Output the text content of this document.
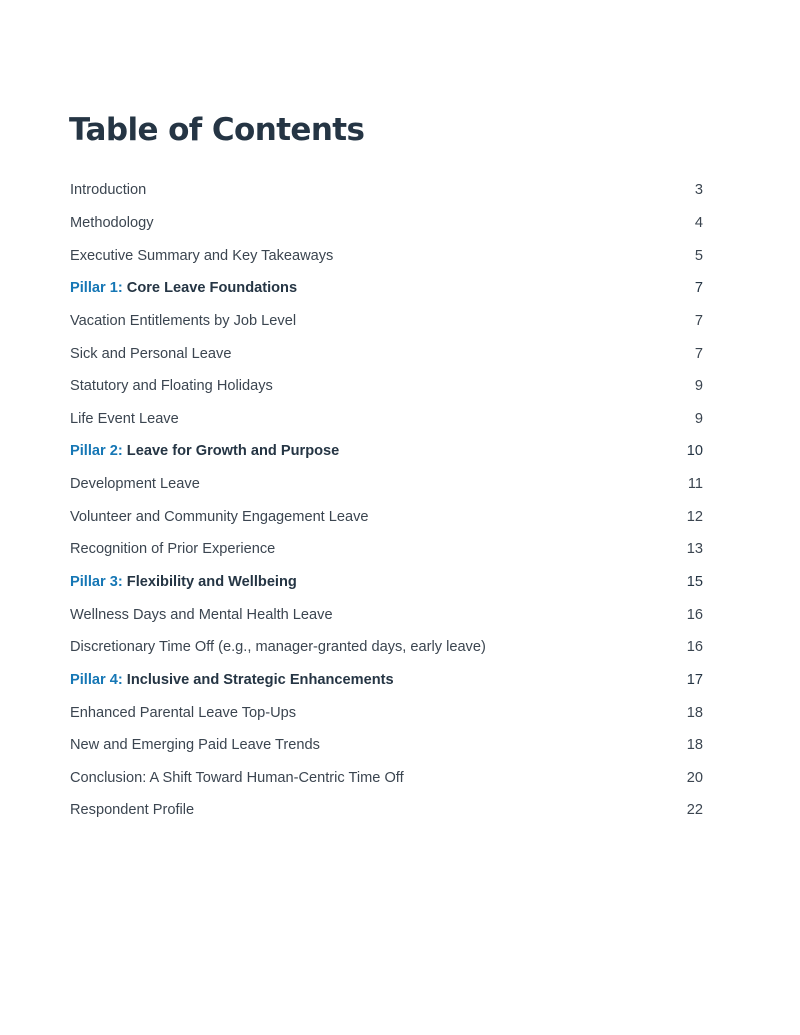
Table of Contents
Introduction	3
Methodology	4
Executive Summary and Key Takeaways	5
Pillar 1: Core Leave Foundations	7
Vacation Entitlements by Job Level	7
Sick and Personal Leave	7
Statutory and Floating Holidays	9
Life Event Leave	9
Pillar 2: Leave for Growth and Purpose	10
Development Leave	11
Volunteer and Community Engagement Leave	12
Recognition of Prior Experience	13
Pillar 3: Flexibility and Wellbeing	15
Wellness Days and Mental Health Leave	16
Discretionary Time Off (e.g., manager-granted days, early leave)	16
Pillar 4: Inclusive and Strategic Enhancements	17
Enhanced Parental Leave Top-Ups	18
New and Emerging Paid Leave Trends	18
Conclusion: A Shift Toward Human-Centric Time Off	20
Respondent Profile	22
